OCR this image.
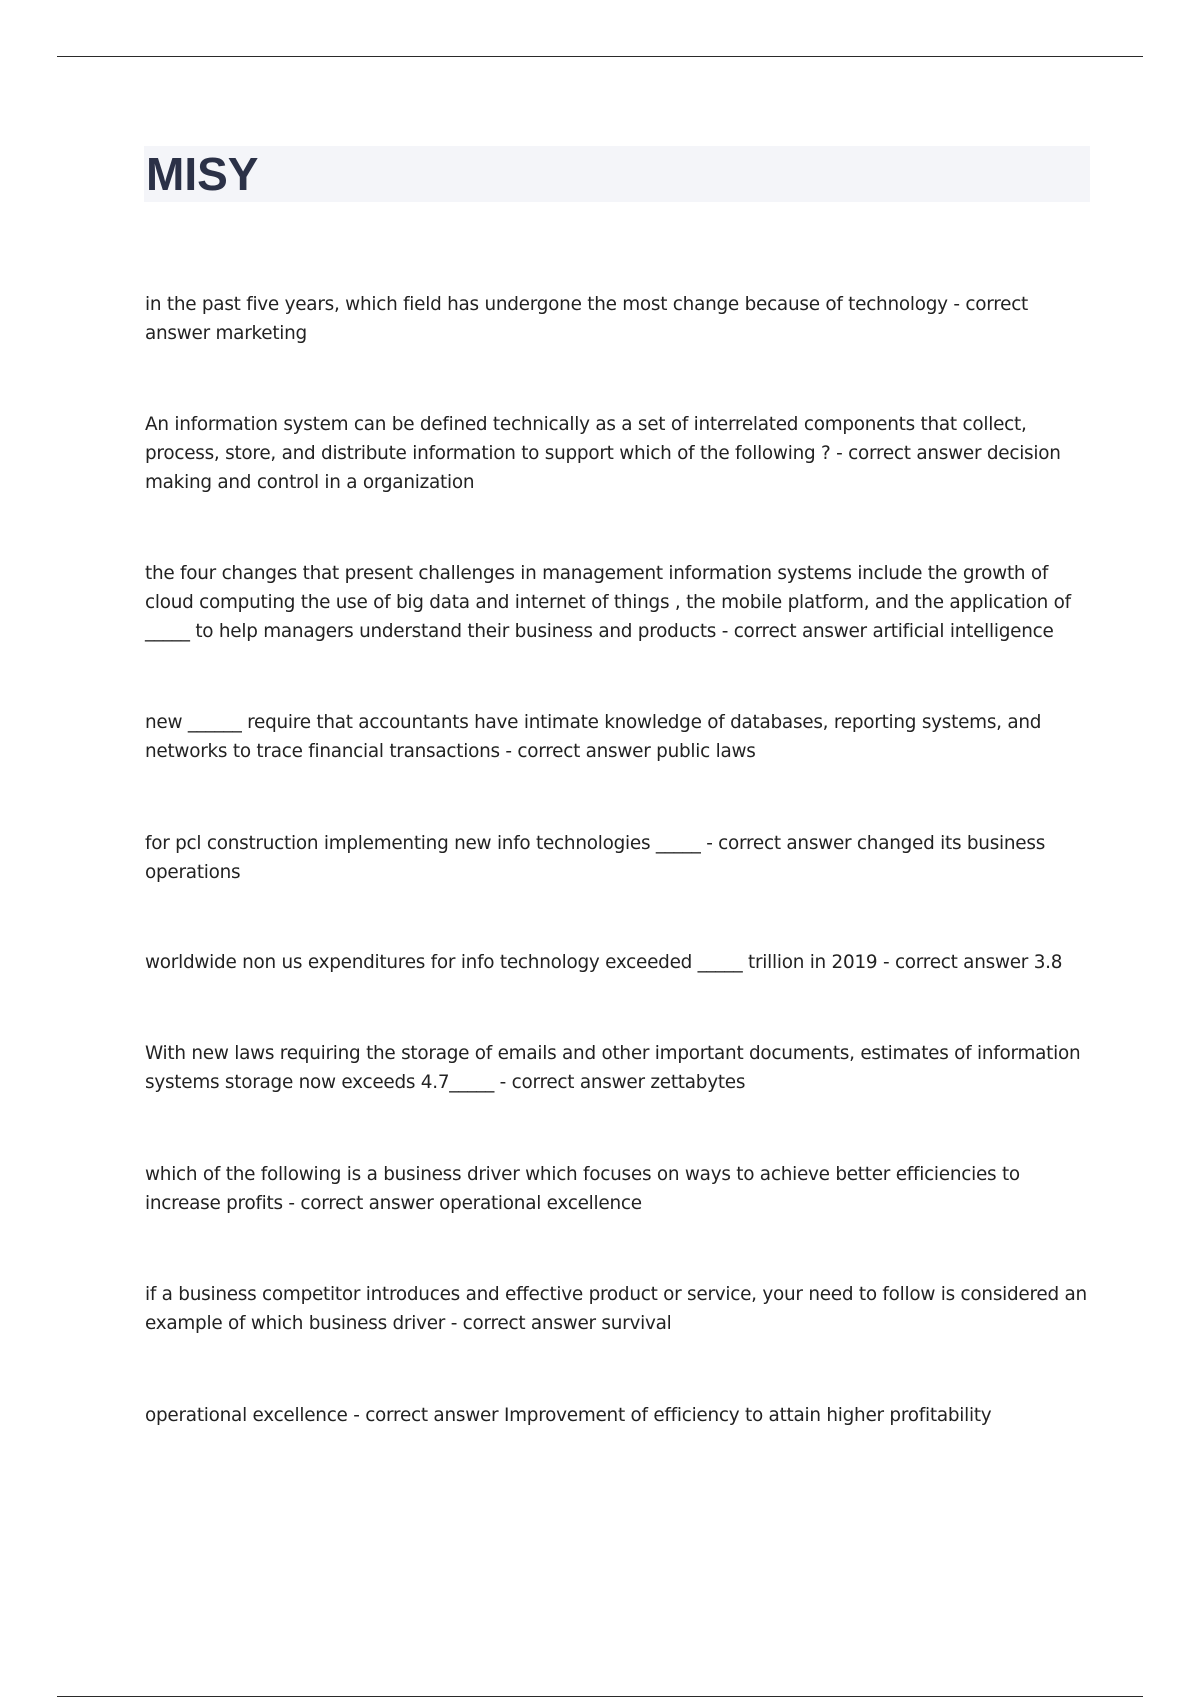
MISY
in the past five years, which field has undergone the most change because of technology - correct answer marketing
An information system can be defined technically as a set of interrelated components that collect, process, store, and distribute information to support which of the following ? - correct answer decision making and control in a organization
the four changes that present challenges in management information systems include the growth of cloud computing the use of big data and internet of things , the mobile platform, and the application of _____ to help managers understand their business and products - correct answer artificial intelligence
new ______ require that accountants have intimate knowledge of databases, reporting systems, and networks to trace financial transactions - correct answer public laws
for pcl construction implementing new info technologies _____ - correct answer changed its business operations
worldwide non us expenditures for info technology exceeded _____ trillion in 2019 - correct answer 3.8
With new laws requiring the storage of emails and other important documents, estimates of information systems storage now exceeds 4.7_____ - correct answer zettabytes
which of the following is a business driver which focuses on ways to achieve better efficiencies to increase profits - correct answer operational excellence
if a business competitor introduces and effective product or service, your need to follow is considered an example of which business driver - correct answer survival
operational excellence - correct answer Improvement of efficiency to attain higher profitability
